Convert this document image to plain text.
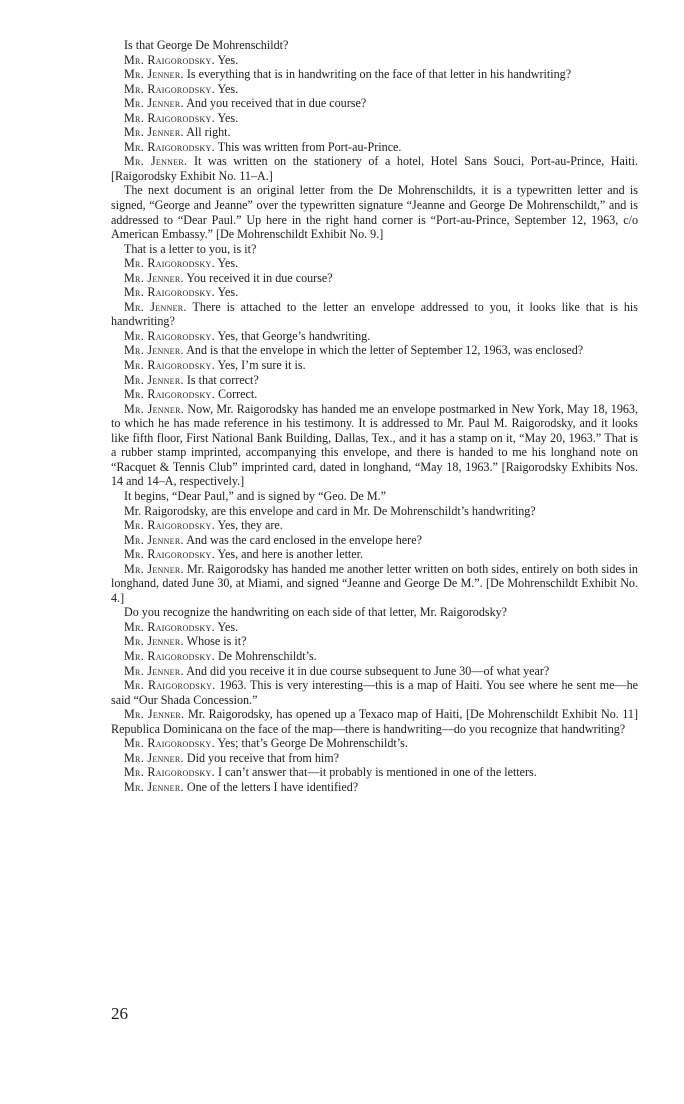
Is that George De Mohrenschildt?

Mr. Raigorodsky. Yes.

Mr. Jenner. Is everything that is in handwriting on the face of that letter in his handwriting?

Mr. Raigorodsky. Yes.

Mr. Jenner. And you received that in due course?

Mr. Raigorodsky. Yes.

Mr. Jenner. All right.

Mr. Raigorodsky. This was written from Port-au-Prince.

Mr. Jenner. It was written on the stationery of a hotel, Hotel Sans Souci, Port-au-Prince, Haiti. [Raigorodsky Exhibit No. 11–A.]

The next document is an original letter from the De Mohrenschildts, it is a typewritten letter and is signed, “George and Jeanne” over the typewritten signature “Jeanne and George De Mohrenschildt,” and is addressed to “Dear Paul.” Up here in the right hand corner is “Port-au-Prince, September 12, 1963, c/o American Embassy.” [De Mohrenschildt Exhibit No. 9.]

That is a letter to you, is it?

Mr. Raigorodsky. Yes.

Mr. Jenner. You received it in due course?

Mr. Raigorodsky. Yes.

Mr. Jenner. There is attached to the letter an envelope addressed to you, it looks like that is his handwriting?

Mr. Raigorodsky. Yes, that George’s handwriting.

Mr. Jenner. And is that the envelope in which the letter of September 12, 1963, was enclosed?

Mr. Raigorodsky. Yes, I’m sure it is.

Mr. Jenner. Is that correct?

Mr. Raigorodsky. Correct.

Mr. Jenner. Now, Mr. Raigorodsky has handed me an envelope postmarked in New York, May 18, 1963, to which he has made reference in his testimony. It is addressed to Mr. Paul M. Raigorodsky, and it looks like fifth floor, First National Bank Building, Dallas, Tex., and it has a stamp on it, “May 20, 1963.” That is a rubber stamp imprinted, accompanying this envelope, and there is handed to me his longhand note on “Racquet & Tennis Club” imprinted card, dated in longhand, “May 18, 1963.” [Raigorodsky Exhibits Nos. 14 and 14–A, respectively.]

It begins, “Dear Paul,” and is signed by “Geo. De M.”

Mr. Raigorodsky, are this envelope and card in Mr. De Mohrenschildt’s handwriting?

Mr. Raigorodsky. Yes, they are.

Mr. Jenner. And was the card enclosed in the envelope here?

Mr. Raigorodsky. Yes, and here is another letter.

Mr. Jenner. Mr. Raigorodsky has handed me another letter written on both sides, entirely on both sides in longhand, dated June 30, at Miami, and signed “Jeanne and George De M.”. [De Mohrenschildt Exhibit No. 4.]

Do you recognize the handwriting on each side of that letter, Mr. Raigorodsky?

Mr. Raigorodsky. Yes.

Mr. Jenner. Whose is it?

Mr. Raigorodsky. De Mohrenschildt’s.

Mr. Jenner. And did you receive it in due course subsequent to June 30—of what year?

Mr. Raigorodsky. 1963. This is very interesting—this is a map of Haiti. You see where he sent me—he said “Our Shada Concession.”

Mr. Jenner. Mr. Raigorodsky, has opened up a Texaco map of Haiti, [De Mohrenschildt Exhibit No. 11] Republica Dominicana on the face of the map—there is handwriting—do you recognize that handwriting?

Mr. Raigorodsky. Yes; that’s George De Mohrenschildt’s.

Mr. Jenner. Did you receive that from him?

Mr. Raigorodsky. I can’t answer that—it probably is mentioned in one of the letters.

Mr. Jenner. One of the letters I have identified?

26
